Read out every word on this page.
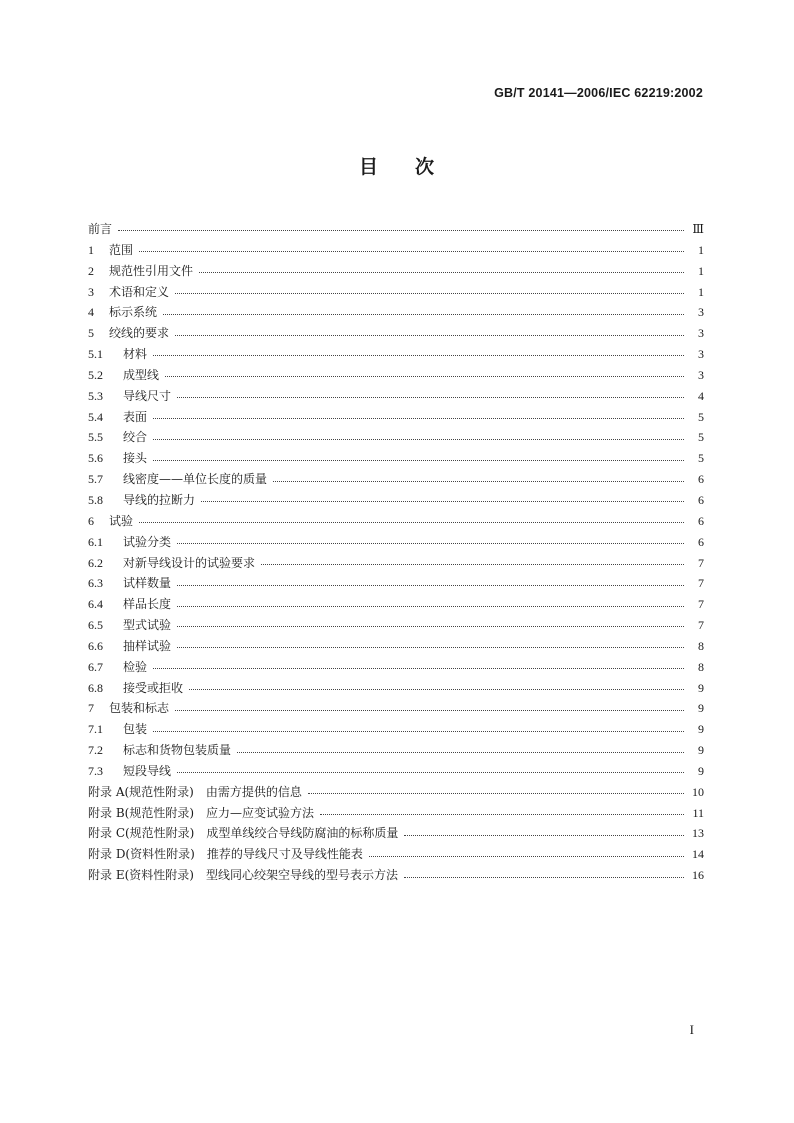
GB/T 20141—2006/IEC 62219:2002
目 次
前言	Ⅲ
1	范围	1
2	规范性引用文件	1
3	术语和定义	1
4	标示系统	3
5	绞线的要求	3
5.1	材料	3
5.2	成型线	3
5.3	导线尺寸	4
5.4	表面	5
5.5	绞合	5
5.6	接头	5
5.7	线密度——单位长度的质量	6
5.8	导线的拉断力	6
6	试验	6
6.1	试验分类	6
6.2	对新导线设计的试验要求	7
6.3	试样数量	7
6.4	样品长度	7
6.5	型式试验	7
6.6	抽样试验	8
6.7	检验	8
6.8	接受或拒收	9
7	包装和标志	9
7.1	包装	9
7.2	标志和货物包装质量	9
7.3	短段导线	9
附录 A(规范性附录)	由需方提供的信息	10
附录 B(规范性附录)	应力—应变试验方法	11
附录 C(规范性附录)	成型单线绞合导线防腐油的标称质量	13
附录 D(资料性附录)	推荐的导线尺寸及导线性能表	14
附录 E(资料性附录)	型线同心绞架空导线的型号表示方法	16
I
